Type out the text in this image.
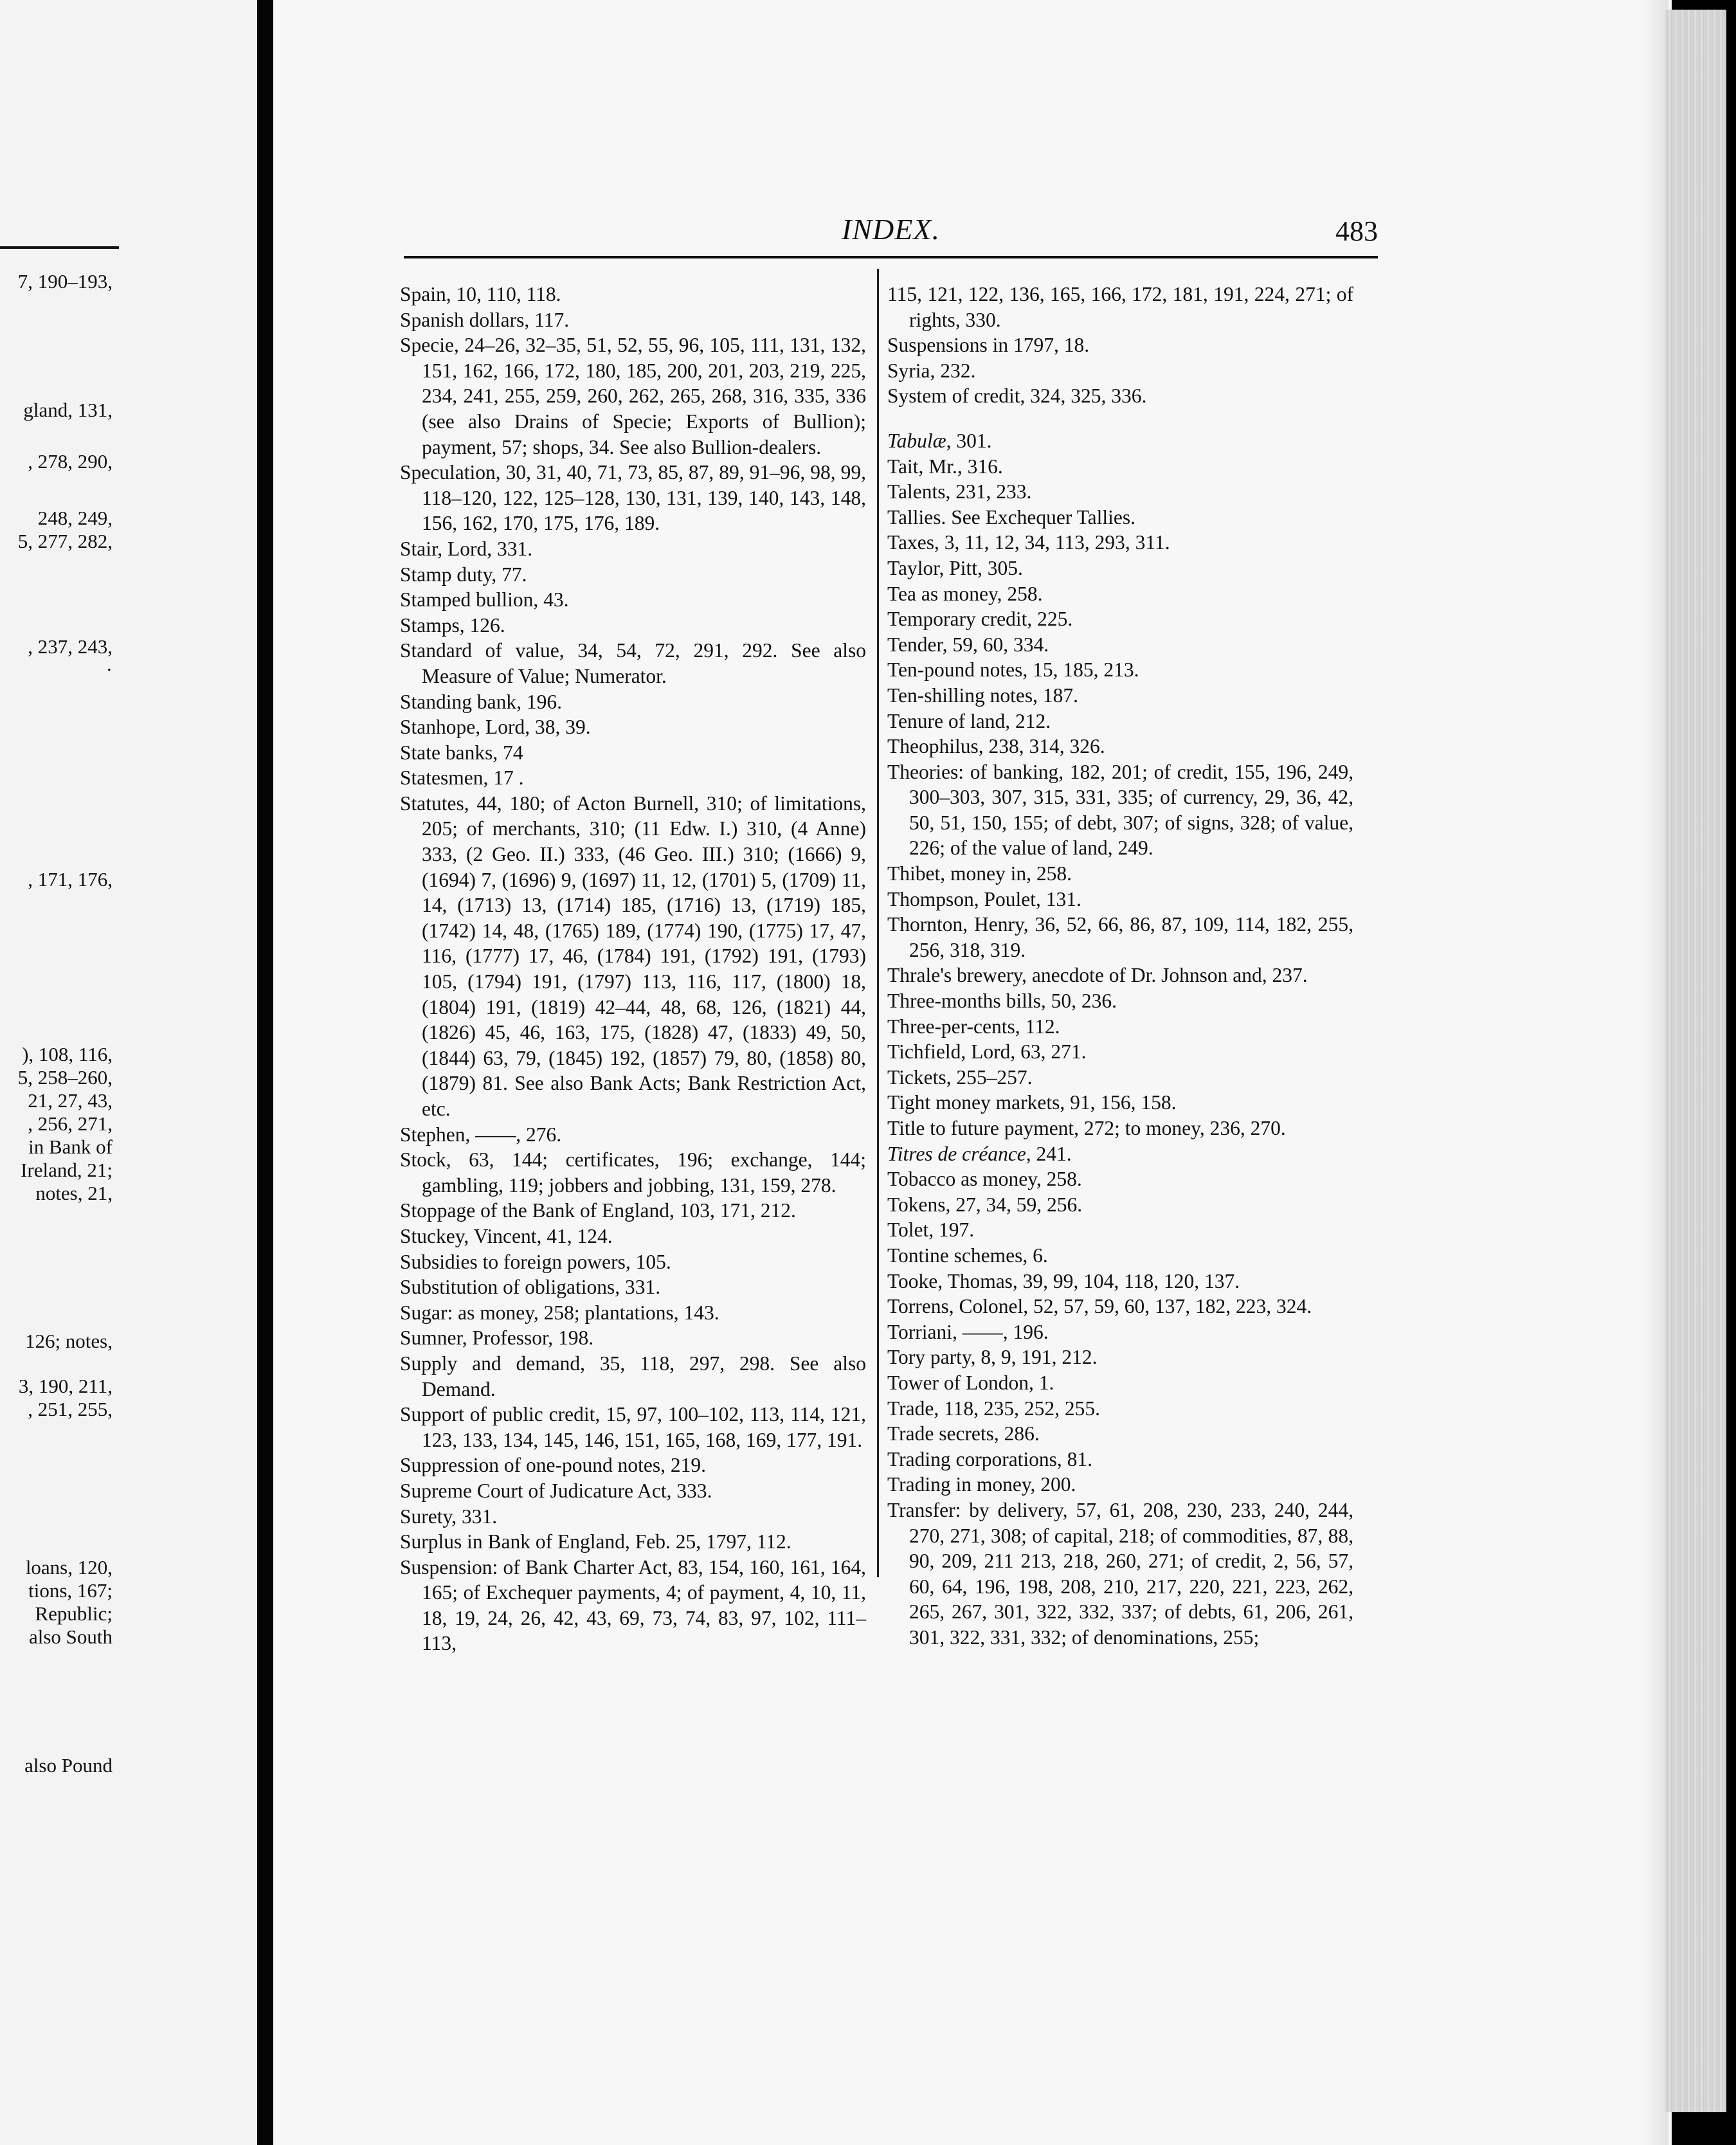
7, 190–193,
gland, 131,
, 278, 290,
248, 249,
5, 277, 282,
, 237, 243,
·
, 171, 176,
), 108, 116,
5, 258–260,
21, 27, 43,
, 256, 271,
in Bank of
Ireland, 21;
notes, 21,
126; notes,
3, 190, 211,
, 251, 255,
loans, 120,
tions, 167;
Republic;
also South
also Pound
INDEX.	483

Spain, 10, 110, 118.

Spanish dollars, 117.

Specie, 24–26, 32–35, 51, 52, 55, 96, 105, 111, 131, 132, 151, 162, 166, 172, 180, 185, 200, 201, 203, 219, 225, 234, 241, 255, 259, 260, 262, 265, 268, 316, 335, 336 (see also Drains of Specie; Exports of Bullion); payment, 57; shops, 34. See also Bullion-dealers.

Speculation, 30, 31, 40, 71, 73, 85, 87, 89, 91–96, 98, 99, 118–120, 122, 125–128, 130, 131, 139, 140, 143, 148, 156, 162, 170, 175, 176, 189.

Stair, Lord, 331.

Stamp duty, 77.

Stamped bullion, 43.

Stamps, 126.

Standard of value, 34, 54, 72, 291, 292. See also Measure of Value; Numerator.

Standing bank, 196.

Stanhope, Lord, 38, 39.

State banks, 74

Statesmen, 17 .

Statutes, 44, 180; of Acton Burnell, 310; of limitations, 205; of merchants, 310; (11 Edw. I.) 310, (4 Anne) 333, (2 Geo. II.) 333, (46 Geo. III.) 310; (1666) 9, (1694) 7, (1696) 9, (1697) 11, 12, (1701) 5, (1709) 11, 14, (1713) 13, (1714) 185, (1716) 13, (1719) 185, (1742) 14, 48, (1765) 189, (1774) 190, (1775) 17, 47, 116, (1777) 17, 46, (1784) 191, (1792) 191, (1793) 105, (1794) 191, (1797) 113, 116, 117, (1800) 18, (1804) 191, (1819) 42–44, 48, 68, 126, (1821) 44, (1826) 45, 46, 163, 175, (1828) 47, (1833) 49, 50, (1844) 63, 79, (1845) 192, (1857) 79, 80, (1858) 80, (1879) 81. See also Bank Acts; Bank Restriction Act, etc.

Stephen, ——, 276.

Stock, 63, 144; certificates, 196; exchange, 144; gambling, 119; jobbers and jobbing, 131, 159, 278.

Stoppage of the Bank of England, 103, 171, 212.

Stuckey, Vincent, 41, 124.

Subsidies to foreign powers, 105.

Substitution of obligations, 331.

Sugar: as money, 258; plantations, 143.

Sumner, Professor, 198.

Supply and demand, 35, 118, 297, 298. See also Demand.

Support of public credit, 15, 97, 100–102, 113, 114, 121, 123, 133, 134, 145, 146, 151, 165, 168, 169, 177, 191.

Suppression of one-pound notes, 219.

Supreme Court of Judicature Act, 333.

Surety, 331.

Surplus in Bank of England, Feb. 25, 1797, 112.

Suspension: of Bank Charter Act, 83, 154, 160, 161, 164, 165; of Exchequer payments, 4; of payment, 4, 10, 11, 18, 19, 24, 26, 42, 43, 69, 73, 74, 83, 97, 102, 111–113,

115, 121, 122, 136, 165, 166, 172, 181, 191, 224, 271; of rights, 330.

Suspensions in 1797, 18.

Syria, 232.

System of credit, 324, 325, 336.

Tabulæ, 301.

Tait, Mr., 316.

Talents, 231, 233.

Tallies. See Exchequer Tallies.

Taxes, 3, 11, 12, 34, 113, 293, 311.

Taylor, Pitt, 305.

Tea as money, 258.

Temporary credit, 225.

Tender, 59, 60, 334.

Ten-pound notes, 15, 185, 213.

Ten-shilling notes, 187.

Tenure of land, 212.

Theophilus, 238, 314, 326.

Theories: of banking, 182, 201; of credit, 155, 196, 249, 300–303, 307, 315, 331, 335; of currency, 29, 36, 42, 50, 51, 150, 155; of debt, 307; of signs, 328; of value, 226; of the value of land, 249.

Thibet, money in, 258.

Thompson, Poulet, 131.

Thornton, Henry, 36, 52, 66, 86, 87, 109, 114, 182, 255, 256, 318, 319.

Thrale's brewery, anecdote of Dr. Johnson and, 237.

Three-months bills, 50, 236.

Three-per-cents, 112.

Tichfield, Lord, 63, 271.

Tickets, 255–257.

Tight money markets, 91, 156, 158.

Title to future payment, 272; to money, 236, 270.

Titres de créance, 241.

Tobacco as money, 258.

Tokens, 27, 34, 59, 256.

Tolet, 197.

Tontine schemes, 6.

Tooke, Thomas, 39, 99, 104, 118, 120, 137.

Torrens, Colonel, 52, 57, 59, 60, 137, 182, 223, 324.

Torriani, ——, 196.

Tory party, 8, 9, 191, 212.

Tower of London, 1.

Trade, 118, 235, 252, 255.

Trade secrets, 286.

Trading corporations, 81.

Trading in money, 200.

Transfer: by delivery, 57, 61, 208, 230, 233, 240, 244, 270, 271, 308; of capital, 218; of commodities, 87, 88, 90, 209, 211 213, 218, 260, 271; of credit, 2, 56, 57, 60, 64, 196, 198, 208, 210, 217, 220, 221, 223, 262, 265, 267, 301, 322, 332, 337; of debts, 61, 206, 261, 301, 322, 331, 332; of denominations, 255;
